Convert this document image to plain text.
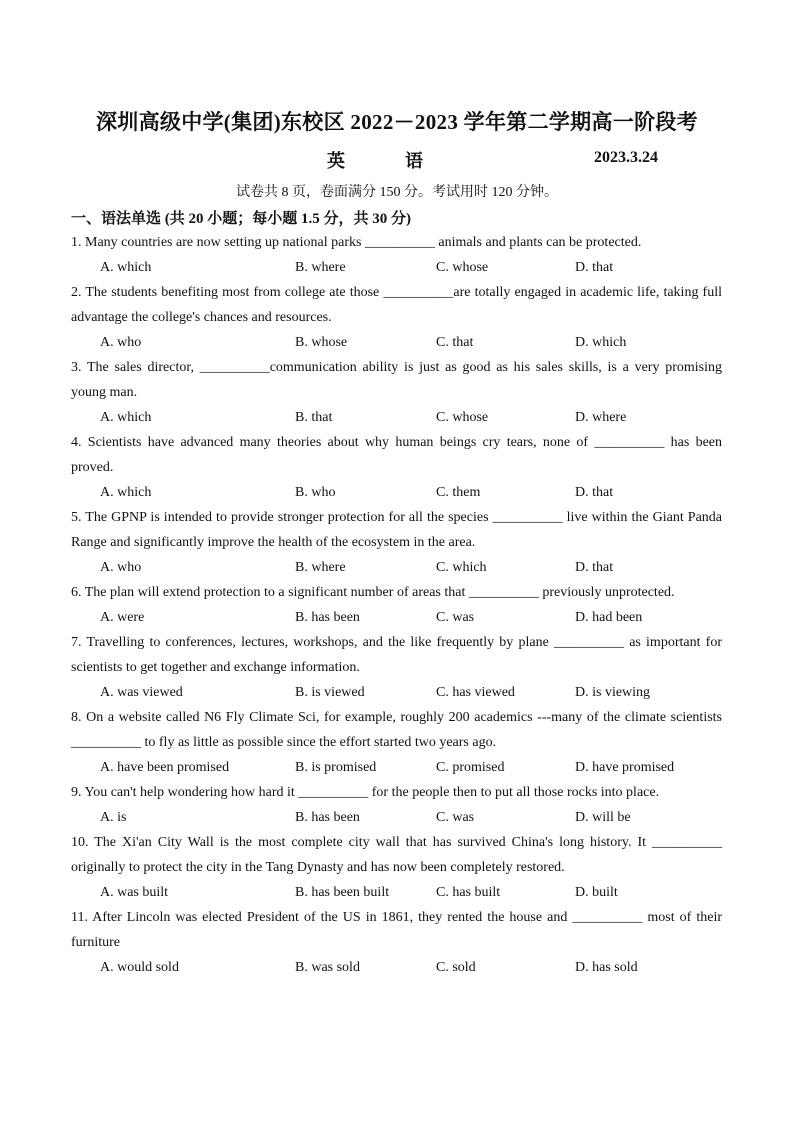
深圳高级中学(集团)东校区 2022－2023 学年第二学期高一阶段考
英	语	2023.3.24
试卷共 8 页，卷面满分 150 分。考试用时 120 分钟。
一、语法单选 (共 20 小题；每小题 1.5 分，共 30 分)
1. Many countries are now setting up national parks __________ animals and plants can be protected.
A. which	B. where	C. whose	D. that
2. The students benefiting most from college ate those __________are totally engaged in academic life, taking full advantage the college's chances and resources.
A. who	B. whose	C. that	D. which
3. The sales director, __________communication ability is just as good as his sales skills, is a very promising young man.
A. which	B. that	C. whose	D. where
4. Scientists have advanced many theories about why human beings cry tears, none of __________ has been proved.
A. which	B. who	C. them	D. that
5. The GPNP is intended to provide stronger protection for all the species __________ live within the Giant Panda Range and significantly improve the health of the ecosystem in the area.
A. who	B. where	C. which	D. that
6. The plan will extend protection to a significant number of areas that __________ previously unprotected.
A. were	B. has been	C. was	D. had been
7. Travelling to conferences, lectures, workshops, and the like frequently by plane __________ as important for scientists to get together and exchange information.
A. was viewed	B. is viewed	C. has viewed	D. is viewing
8. On a website called N6 Fly Climate Sci, for example, roughly 200 academics ---many of the climate scientists __________ to fly as little as possible since the effort started two years ago.
A. have been promised	B. is promised	C. promised	D. have promised
9. You can't help wondering how hard it __________ for the people then to put all those rocks into place.
A. is	B. has been	C. was	D. will be
10. The Xi'an City Wall is the most complete city wall that has survived China's long history. It __________ originally to protect the city in the Tang Dynasty and has now been completely restored.
A. was built	B. has been built	C. has built	D. built
11. After Lincoln was elected President of the US in 1861, they rented the house and __________ most of their furniture
A. would sold	B. was sold	C. sold	D. has sold
